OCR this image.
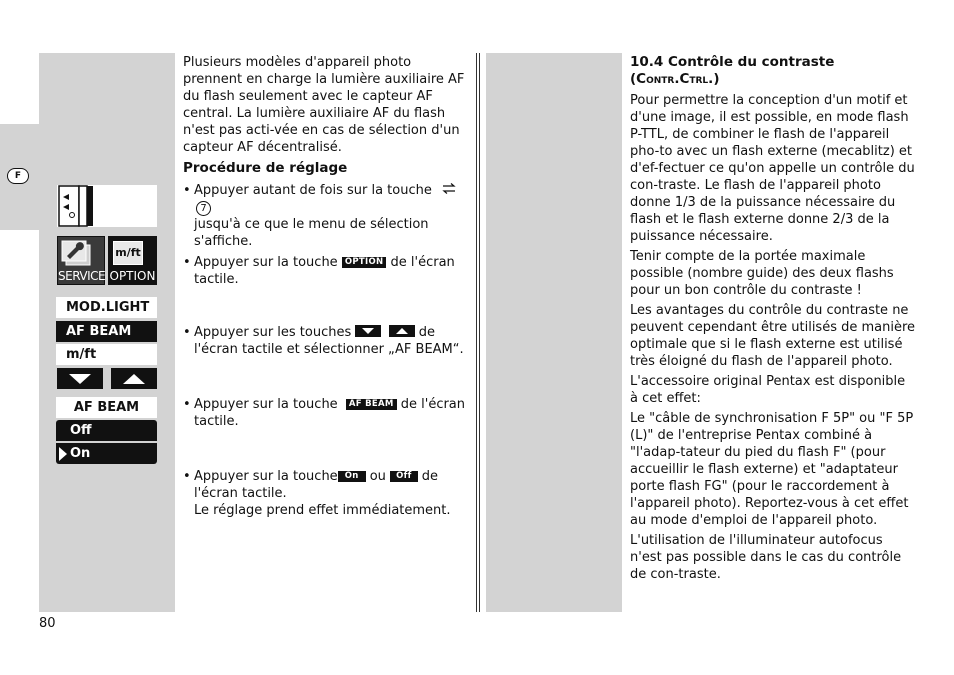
F
SERVICE
m/ft
OPTION
MOD.LIGHT
AF BEAM
m/ft
AF BEAM
Off
On

Plusieurs modèles d'appareil photo prennent en charge la lumière auxiliaire AF du flash seulement avec le capteur AF central. La lumière auxiliaire AF du flash n'est pas acti-vée en cas de sélection d'un capteur AF décentralisé.

Procédure de réglage

• Appuyer autant de fois sur la touche  7
jusqu'à ce que le menu de sélection s'affiche.

• Appuyer sur la touche OPTION de l'écran tactile.

• Appuyer sur les touches
	de l'écran tactile et sélectionner „AF BEAM“.

• Appuyer sur la touche AF BEAM de l'écran tactile.

• Appuyer sur la touche On ou Off de l'écran tactile.
Le réglage prend effet immédiatement.

10.4 Contrôle du contraste (Contr.Ctrl.)

Pour permettre la conception d'un motif et d'une image, il est possible, en mode flash P-TTL, de combiner le flash de l'appareil pho-to avec un flash externe (mecablitz) et d'ef-fectuer ce qu'on appelle un contrôle du con-traste. Le flash de l'appareil photo donne 1/3 de la puissance nécessaire du flash et le flash externe donne 2/3 de la puissance nécessaire.

Tenir compte de la portée maximale possible (nombre guide) des deux flashs pour un bon contrôle du contraste !

Les avantages du contrôle du contraste ne peuvent cependant être utilisés de manière optimale que si le flash externe est utilisé très éloigné du flash de l'appareil photo.

L'accessoire original Pentax est disponible à cet effet:

Le "câble de synchronisation F 5P" ou "F 5P (L)" de l'entreprise Pentax combiné à "l'adap-tateur du pied du flash F" (pour accueillir le flash externe) et "adaptateur porte flash FG" (pour le raccordement à l'appareil photo). Reportez-vous à cet effet au mode d'emploi de l'appareil photo.

L'utilisation de l'illuminateur autofocus n'est pas possible dans le cas du contrôle de con-traste.

80
